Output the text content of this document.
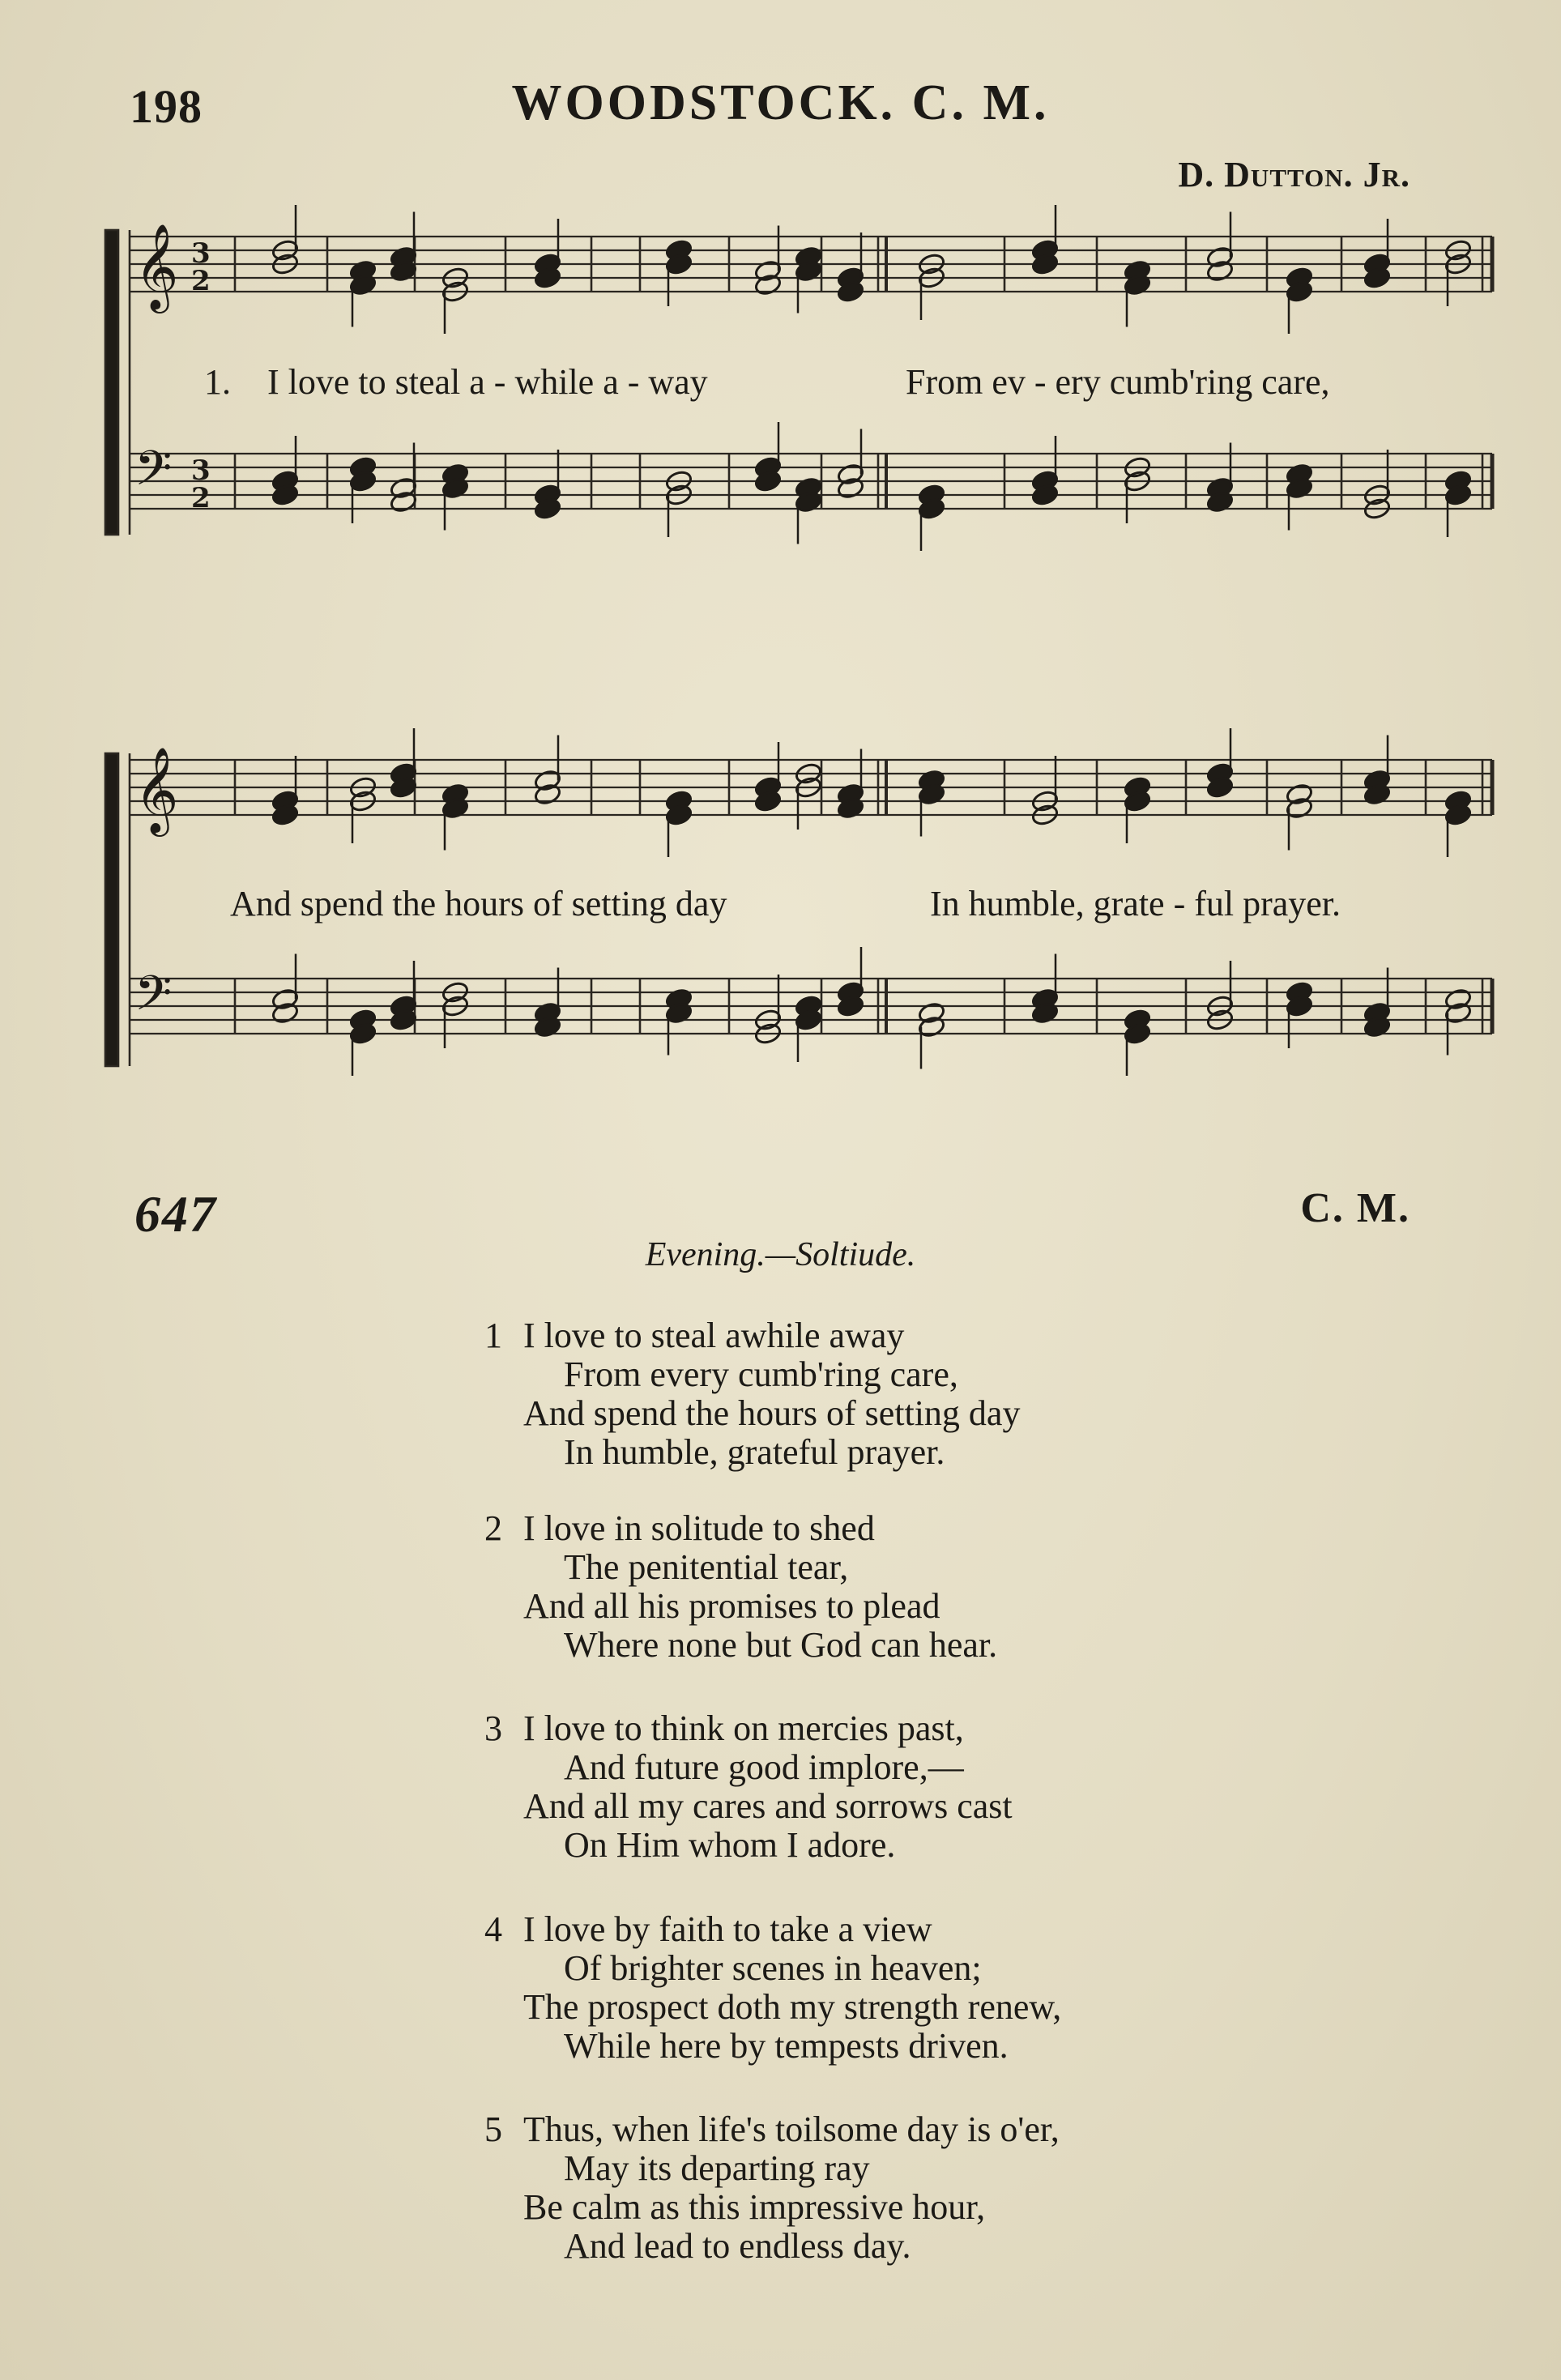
198	WOODSTOCK. C. M.
D. Dutton. Jr.
𝄞
𝄢
𝄞
𝄢
3
2
3
2
1. I love to steal a - while a - way	From ev - ery cumb'ring care,
And spend the hours of setting day	In humble, grate - ful prayer.
647	C. M.
Evening.—Soltiude.
1 I love to steal awhile away
From every cumb'ring care,
And spend the hours of setting day
In humble, grateful prayer.
2 I love in solitude to shed
The penitential tear,
And all his promises to plead
Where none but God can hear.
3 I love to think on mercies past,
And future good implore,—
And all my cares and sorrows cast
On Him whom I adore.
4 I love by faith to take a view
Of brighter scenes in heaven;
The prospect doth my strength renew,
While here by tempests driven.
5 Thus, when life's toilsome day is o'er,
May its departing ray
Be calm as this impressive hour,
And lead to endless day.
